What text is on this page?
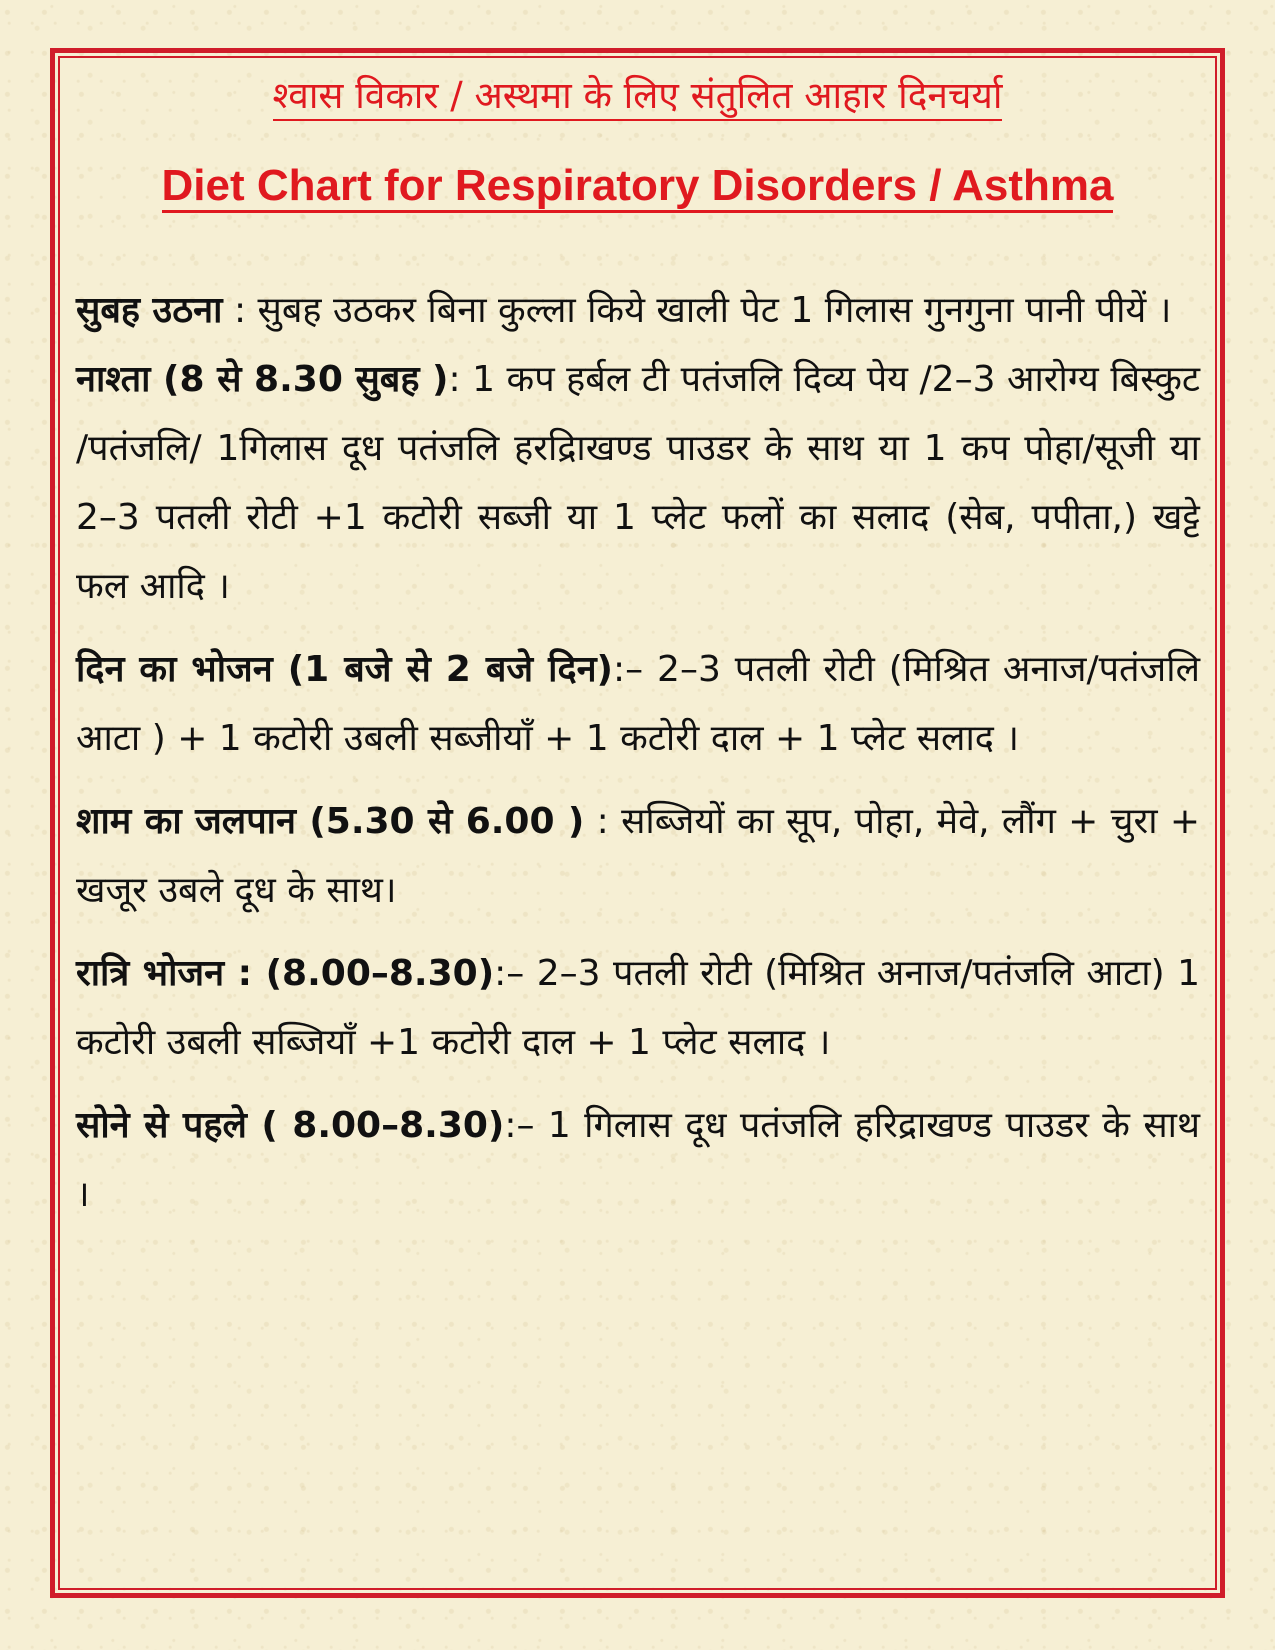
श्वास विकार / अस्थमा के लिए संतुलित आहार दिनचर्या
Diet Chart for Respiratory Disorders / Asthma

सुबह उठना : सुबह उठकर बिना कुल्ला किये खाली पेट 1 गिलास गुनगुना पानी पीयें ।

नाश्ता (8 से 8.30 सुबह ): 1 कप हर्बल टी पतंजलि दिव्य पेय /2–3 आरोग्य बिस्कुट /पतंजलि/ 1गिलास दूध पतंजलि हरद्रिाखण्ड पाउडर के साथ या 1 कप पोहा/सूजी या 2–3 पतली रोटी +1 कटोरी सब्जी या 1 प्लेट फलों का सलाद (सेब, पपीता,) खट्टे फल आदि ।

दिन का भोजन (1 बजे से 2 बजे दिन):– 2–3 पतली रोटी (मिश्रित अनाज/पतंजलि आटा ) + 1 कटोरी उबली सब्जीयाँ + 1 कटोरी दाल + 1 प्लेट सलाद ।

शाम का जलपान (5.30 से 6.00 ) : सब्जियों का सूप, पोहा, मेवे, लौंग + चुरा + खजूर उबले दूध के साथ।

रात्रि भोजन : (8.00–8.30):– 2–3 पतली रोटी (मिश्रित अनाज/पतंजलि आटा) 1 कटोरी उबली सब्जियाँ +1 कटोरी दाल + 1 प्लेट सलाद ।

सोने से पहले ( 8.00–8.30):– 1 गिलास दूध पतंजलि हरिद्राखण्ड पाउडर के साथ ।
